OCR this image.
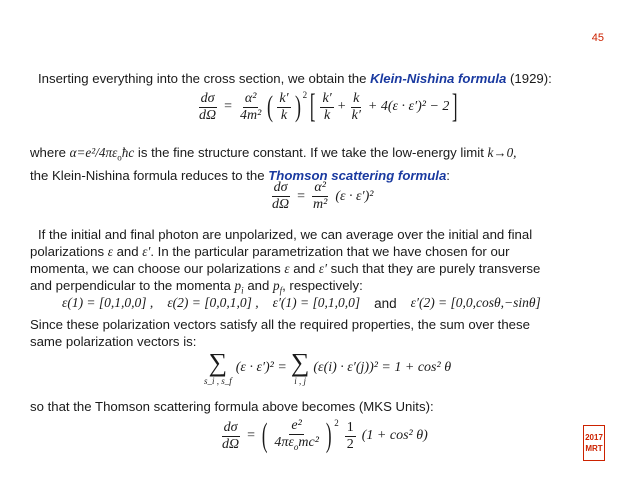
45
Inserting everything into the cross section, we obtain the Klein-Nishina formula (1929):
$\frac{d\sigma}{d\Omega} = \frac{\text{α²}}{\text{4m²}}$ ( $\frac{k'}{k} )^2$ [ $\frac{k'}{k} + \frac{k}{k'} + 4(\varepsilon \cdot \varepsilon')^2 - 2$ ]
where $\alpha=e^2/4\pi\varepsilon_oħc$ is the fine structure constant. If we take the low-energy limit k→0,
the Klein-Nishina formula reduces to the Thomson scattering formula:
$\frac{d\sigma}{d\Omega} = \frac{\text{α²}}{\text{m²}} (\varepsilon \cdot \varepsilon')^2$
If the initial and final photon are unpolarized, we can average over the initial and final
polarizations ε and ε′. In the particular parametrization that we have chosen for our
momenta, we can choose our polarizations ε and ε′ such that they are purely transverse
and perpendicular to the momenta $p_i$ and $p_f$, respectively:
ε(1) = [0,1,0,0] , ε(2) = [0,0,1,0] , ε′(1) = [0,1,0,0] and ε′(2) = [0,0,cosθ,−sinθ]
Since these polarization vectors satisfy all the required properties, the sum over these
same polarization vectors is:
∑
s_i , s_f
(ε · ε′)² = ∑
i , j
(ε(i) · ε′(j))² = 1 + cos² θ
so that the Thomson scattering formula above becomes (MKS Units):
$\frac{d\sigma}{d\Omega}$ = ( $\frac{\text{e²}}{4\pi\varepsilon_omc^2}$ ) $^2 \frac{1}{2} (1 + \cos^2$ θ)	2017
MRT
